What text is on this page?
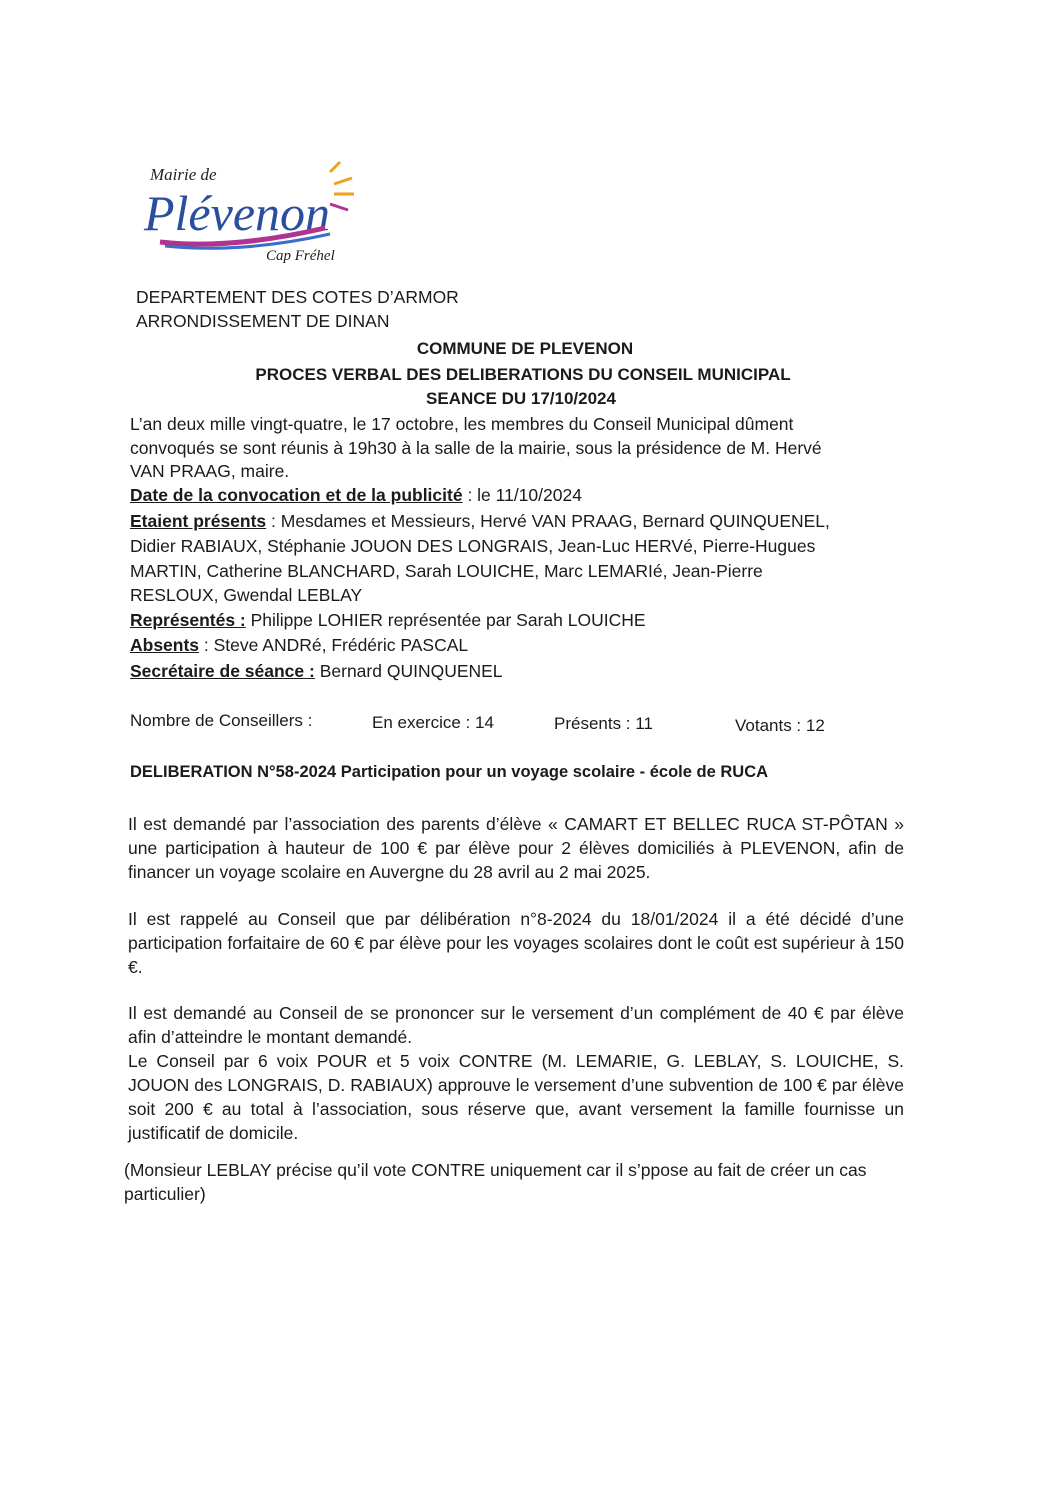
Mairie de
Plévenon
Cap Fréhel
DEPARTEMENT DES COTES D’ARMOR
ARRONDISSEMENT DE DINAN
COMMUNE DE PLEVENON
PROCES VERBAL DES DELIBERATIONS DU CONSEIL MUNICIPAL
SEANCE DU 17/10/2024
L’an deux mille vingt-quatre, le 17 octobre, les membres du Conseil Municipal dûment
convoqués se sont réunis à 19h30 à la salle de la mairie, sous la présidence de M. Hervé
VAN PRAAG, maire.
Date de la convocation et de la publicité : le 11/10/2024
Etaient présents : Mesdames et Messieurs, Hervé VAN PRAAG, Bernard QUINQUENEL,
Didier RABIAUX, Stéphanie JOUON DES LONGRAIS, Jean-Luc HERVé, Pierre-Hugues
MARTIN, Catherine BLANCHARD, Sarah LOUICHE, Marc LEMARIé, Jean-Pierre
RESLOUX, Gwendal LEBLAY
Représentés : Philippe LOHIER représentée par Sarah LOUICHE
Absents : Steve ANDRé, Frédéric PASCAL
Secrétaire de séance : Bernard QUINQUENEL
Nombre de Conseillers :	En exercice : 14	Présents : 11	Votants : 12
DELIBERATION N°58-2024 Participation pour un voyage scolaire - école de RUCA
Il est demandé par l’association des parents d’élève « CAMART ET BELLEC RUCA ST-PÔTAN » une participation à hauteur de 100 € par élève pour 2 élèves domiciliés à PLEVENON, afin de financer un voyage scolaire en Auvergne du 28 avril au 2 mai 2025.
Il est rappelé au Conseil que par délibération n°8-2024 du 18/01/2024 il a été décidé d’une participation forfaitaire de 60 € par élève pour les voyages scolaires dont le coût est supérieur à 150 €.
Il est demandé au Conseil de se prononcer sur le versement d’un complément de 40 € par élève afin d’atteindre le montant demandé.
Le Conseil par 6 voix POUR et 5 voix CONTRE (M. LEMARIE, G. LEBLAY, S. LOUICHE, S. JOUON des LONGRAIS, D. RABIAUX) approuve le versement d’une subvention de 100 € par élève soit 200 € au total à l’association, sous réserve que, avant versement la famille fournisse un justificatif de domicile.
(Monsieur LEBLAY précise qu’il vote CONTRE uniquement car il s’ppose au fait de créer un cas particulier)
